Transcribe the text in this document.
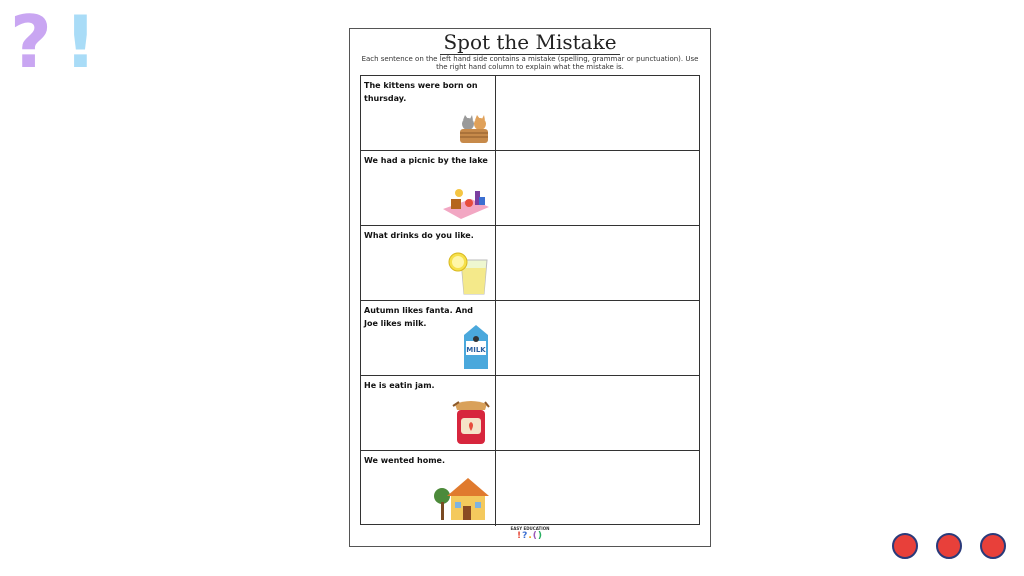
? !	Spot the Mistake
Each sentence on the left hand side contains a mistake (spelling, grammar or punctuation). Use the right hand column to explain what the mistake is.
The kittens were born on thursday.
We had a picnic by the lake
What drinks do you like.
Autumn likes fanta. And Joe likes milk.
MILK
He is eatin jam.
We wented home.
EASY EDUCATION
!?.()
